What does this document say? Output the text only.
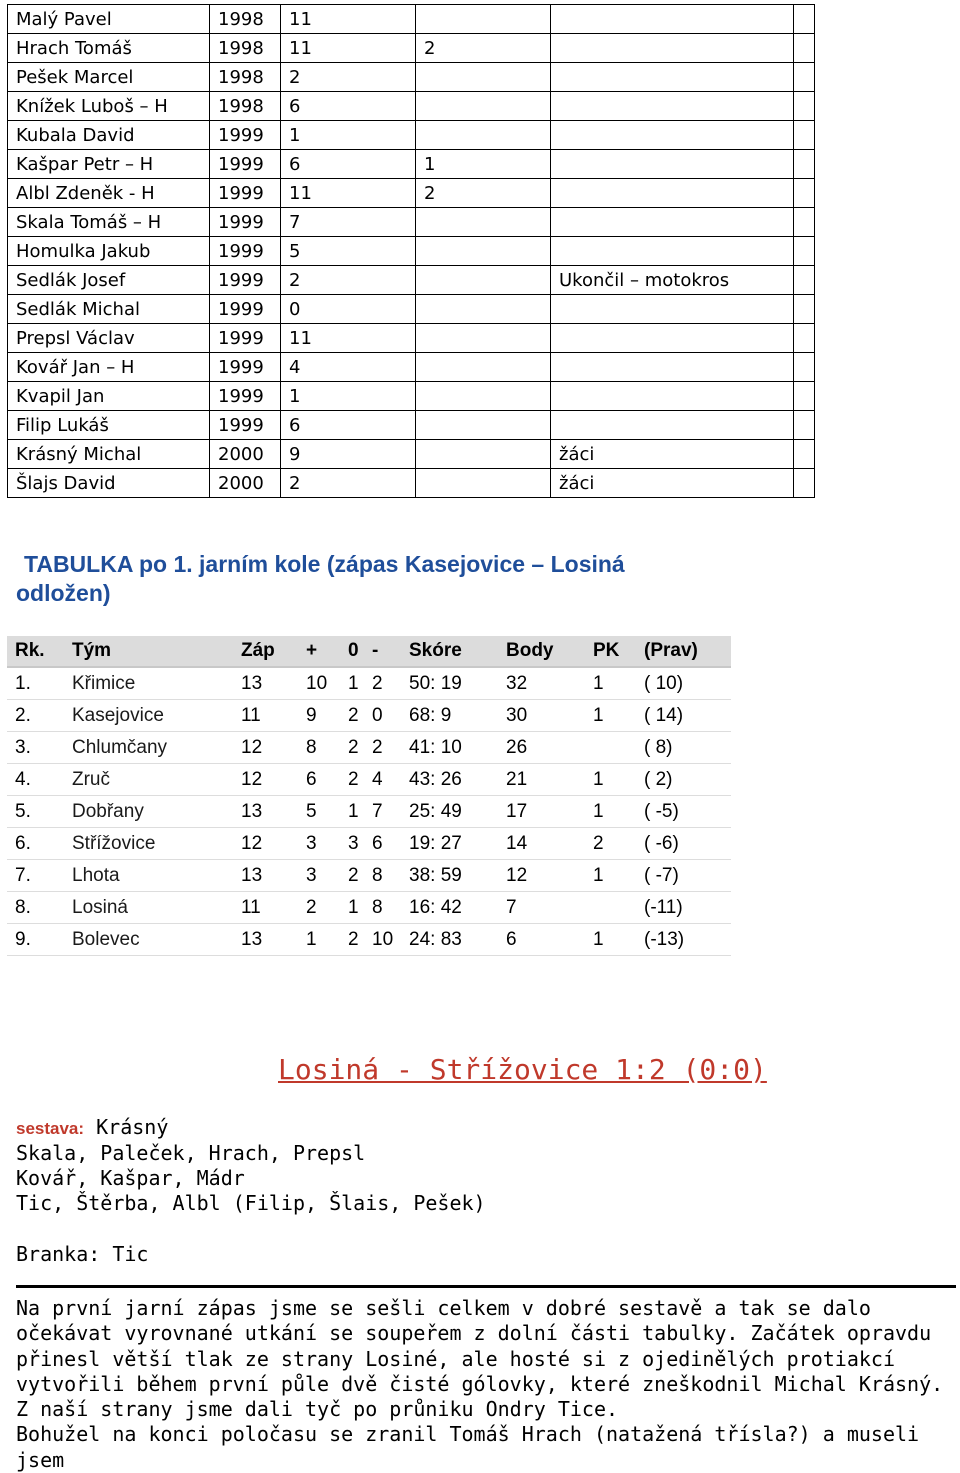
Malý Pavel	1998	11			
Hrach Tomáš	1998	11	2		
Pešek Marcel	1998	2			
Knížek Luboš – H	1998	6			
Kubala David	1999	1			
Kašpar Petr – H	1999	6	1		
Albl Zdeněk - H	1999	11	2		
Skala Tomáš – H	1999	7			
Homulka Jakub	1999	5			
Sedlák Josef	1999	2		Ukončil – motokros	
Sedlák Michal	1999	0			
Prepsl Václav	1999	11			
Kovář Jan – H	1999	4			
Kvapil Jan	1999	1			
Filip Lukáš	1999	6			
Krásný Michal	2000	9		žáci	
Šlajs David	2000	2		žáci	
TABULKA po 1. jarním kole (zápas Kasejovice – Losiná
odložen)
Rk.	Tým	Záp	+	0	-	Skóre	Body	PK	(Prav)
1.	Křimice	13	10	1	2	50: 19	32	1	( 10)
2.	Kasejovice	11	9	2	0	68: 9	30	1	( 14)
3.	Chlumčany	12	8	2	2	41: 10	26		( 8)
4.	Zruč	12	6	2	4	43: 26	21	1	( 2)
5.	Dobřany	13	5	1	7	25: 49	17	1	( -5)
6.	Střížovice	12	3	3	6	19: 27	14	2	( -6)
7.	Lhota	13	3	2	8	38: 59	12	1	( -7)
8.	Losiná	11	2	1	8	16: 42	7		(-11)
9.	Bolevec	13	1	2	10	24: 83	6	1	(-13)
Losiná - Střížovice 1:2 (0:0)
sestava: Krásný
Skala, Paleček, Hrach, Prepsl
Kovář, Kašpar, Mádr
Tic, Štěrba, Albl (Filip, Šlais, Pešek)
Branka: Tic

Na první jarní zápas jsme se sešli celkem v dobré sestavě a tak se dalo očekávat vyrovnané utkání se soupeřem z dolní části tabulky. Začátek opravdu přinesl větší tlak ze strany Losiné, ale hosté si z ojedinělých protiakcí vytvořili během první půle dvě čisté gólovky, které zneškodnil Michal Krásný. Z naší strany jsme dali tyč po průniku Ondry Tice.

Bohužel na konci poločasu se zranil Tomáš Hrach (natažená tříslа?) a museli jsem
